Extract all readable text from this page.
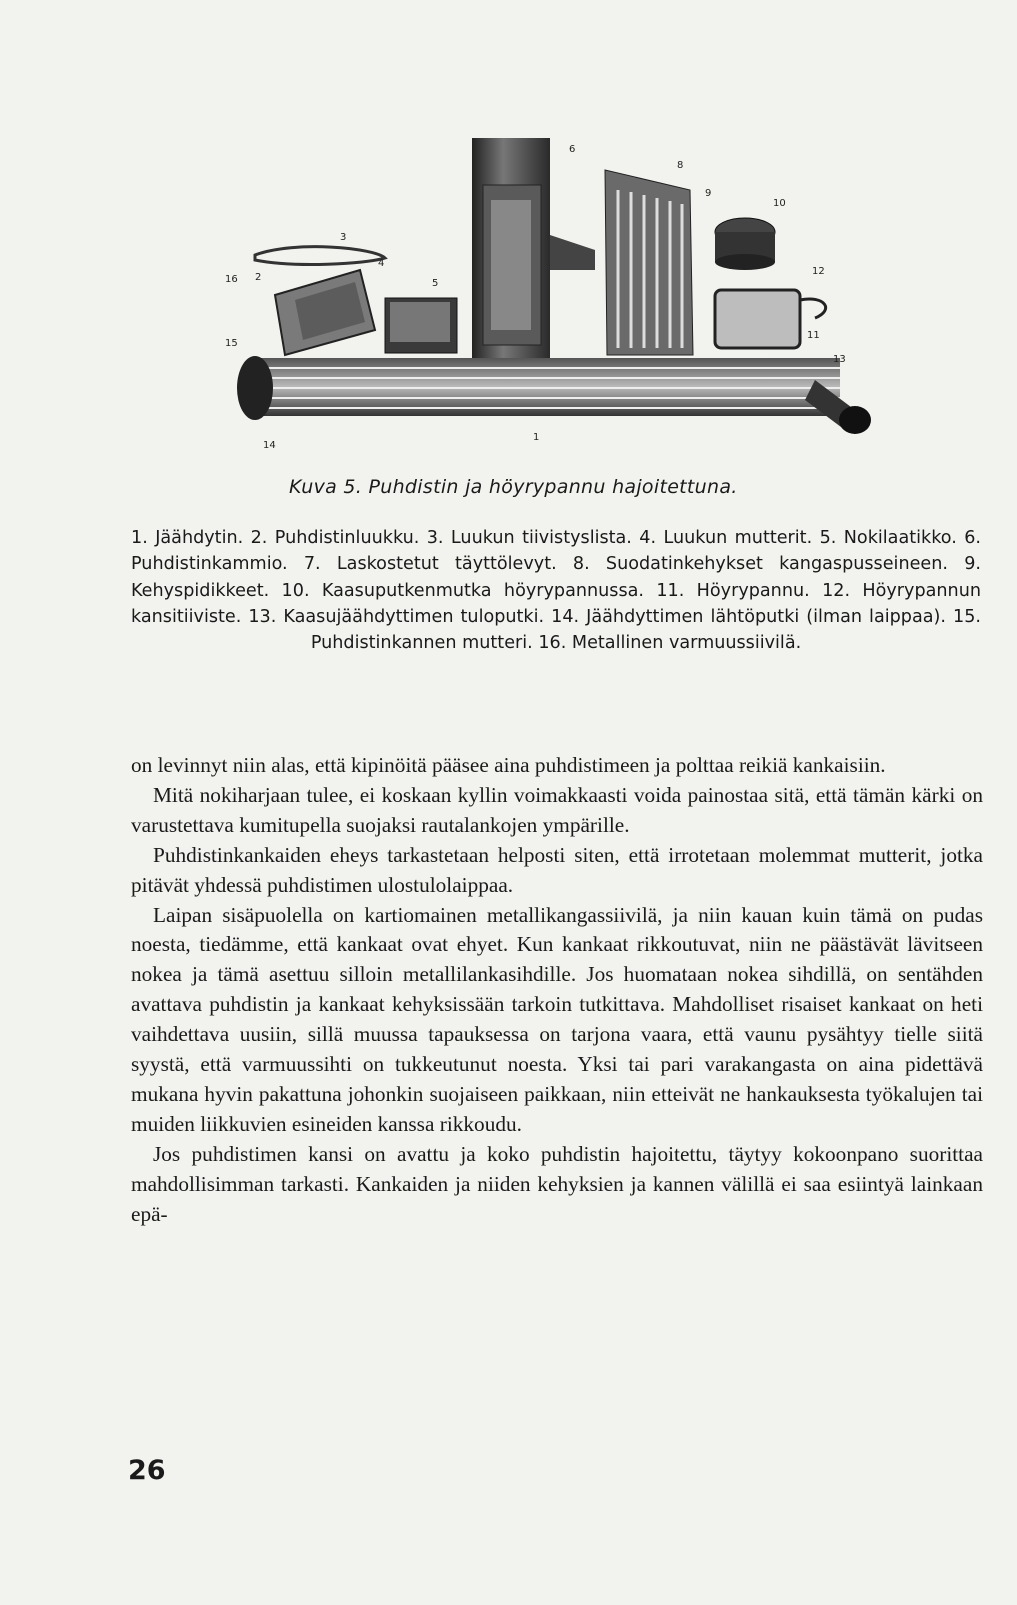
6
8
9
10
3
16 2
4
5
12
15
11
13
14
1
Kuva 5. Puhdistin ja höyrypannu hajoitettuna.
1. Jäähdytin. 2. Puhdistinluukku. 3. Luukun tiivistyslista. 4. Luukun mutterit. 5. Nokilaatikko. 6. Puhdistinkammio. 7. Laskostetut täyttölevyt. 8. Suodatinkehykset kangaspusseineen. 9. Kehyspidikkeet. 10. Kaasuputkenmutka höyrypannussa. 11. Höyrypannu. 12. Höyrypannun kansitiiviste. 13. Kaasujäähdyttimen tuloputki. 14. Jäähdyttimen lähtöputki (ilman laippaa). 15. Puhdistinkannen mutteri. 16. Metallinen varmuussiivilä.

on levinnyt niin alas, että kipinöitä pääsee aina puhdistimeen ja polttaa reikiä kankaisiin.

Mitä nokiharjaan tulee, ei koskaan kyllin voimakkaasti voida painostaa sitä, että tämän kärki on varustettava kumitupella suojaksi rautalankojen ympärille.

Puhdistinkankaiden eheys tarkastetaan helposti siten, että irrotetaan molemmat mutterit, jotka pitävät yhdessä puhdistimen ulostulolaippaa.

Laipan sisäpuolella on kartiomainen metallikangassiivilä, ja niin kauan kuin tämä on pudas noesta, tiedämme, että kankaat ovat ehyet. Kun kankaat rikkoutuvat, niin ne päästävät lävitseen nokea ja tämä asettuu silloin metallilankasihdille. Jos huomataan nokea sihdillä, on sentähden avattava puhdistin ja kankaat kehyksissään tarkoin tutkittava. Mahdolliset risaiset kankaat on heti vaihdettava uusiin, sillä muussa tapauksessa on tarjona vaara, että vaunu pysähtyy tielle siitä syystä, että varmuussihti on tukkeutunut noesta. Yksi tai pari varakangasta on aina pidettävä mukana hyvin pakattuna johonkin suojaiseen paikkaan, niin etteivät ne hankauksesta työkalujen tai muiden liikkuvien esineiden kanssa rikkoudu.

Jos puhdistimen kansi on avattu ja koko puhdistin hajoitettu, täytyy kokoonpano suorittaa mahdollisimman tarkasti. Kankaiden ja niiden kehyksien ja kannen välillä ei saa esiintyä lainkaan epä-

26
